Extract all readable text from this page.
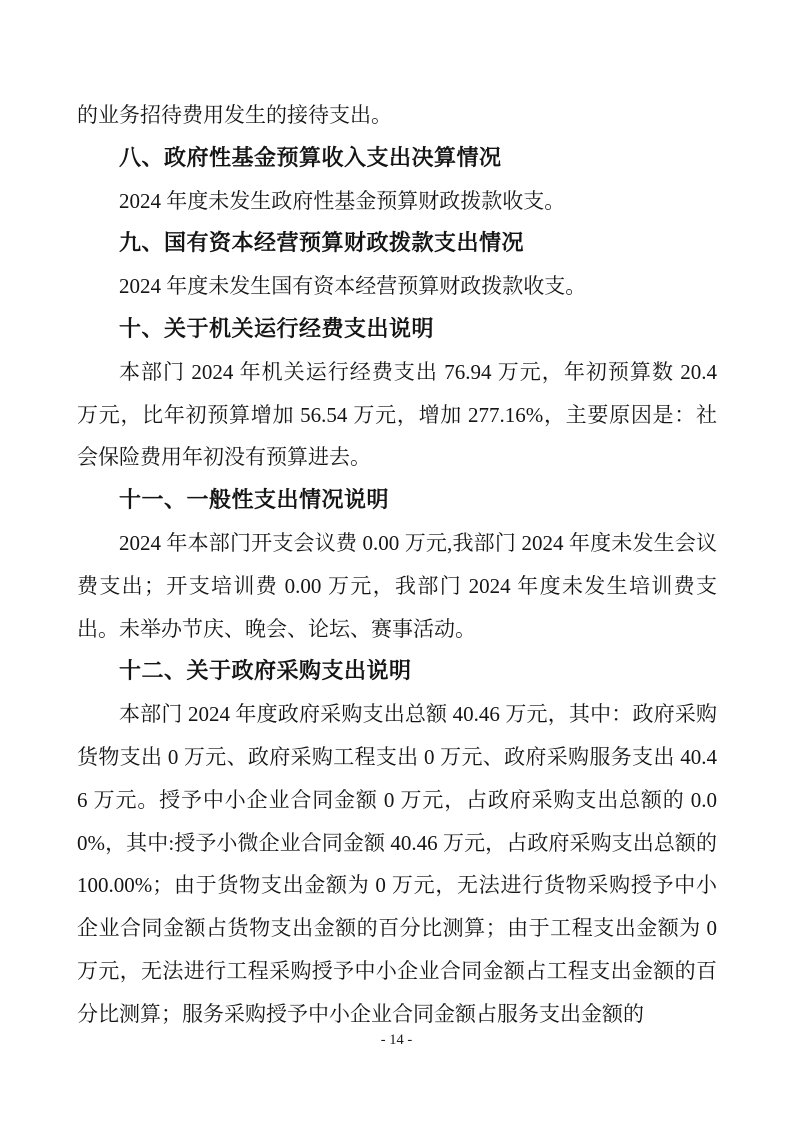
的业务招待费用发生的接待支出。

八、政府性基金预算收入支出决算情况

2024 年度未发生政府性基金预算财政拨款收支。

九、国有资本经营预算财政拨款支出情况

2024 年度未发生国有资本经营预算财政拨款收支。

十、关于机关运行经费支出说明

本部门 2024 年机关运行经费支出 76.94 万元，年初预算数 20.4 万元，比年初预算增加 56.54 万元，增加 277.16%，主要原因是：社会保险费用年初没有预算进去。

十一、一般性支出情况说明

2024 年本部门开支会议费 0.00 万元,我部门 2024 年度未发生会议费支出；开支培训费 0.00 万元，我部门 2024 年度未发生培训费支出。未举办节庆、晚会、论坛、赛事活动。

十二、关于政府采购支出说明

本部门 2024 年度政府采购支出总额 40.46 万元，其中：政府采购货物支出 0 万元、政府采购工程支出 0 万元、政府采购服务支出 40.46 万元。授予中小企业合同金额 0 万元，占政府采购支出总额的 0.00%，其中:授予小微企业合同金额 40.46 万元，占政府采购支出总额的 100.00%；由于货物支出金额为 0 万元，无法进行货物采购授予中小企业合同金额占货物支出金额的百分比测算；由于工程支出金额为 0 万元，无法进行工程采购授予中小企业合同金额占工程支出金额的百分比测算；服务采购授予中小企业合同金额占服务支出金额的

- 14 -
